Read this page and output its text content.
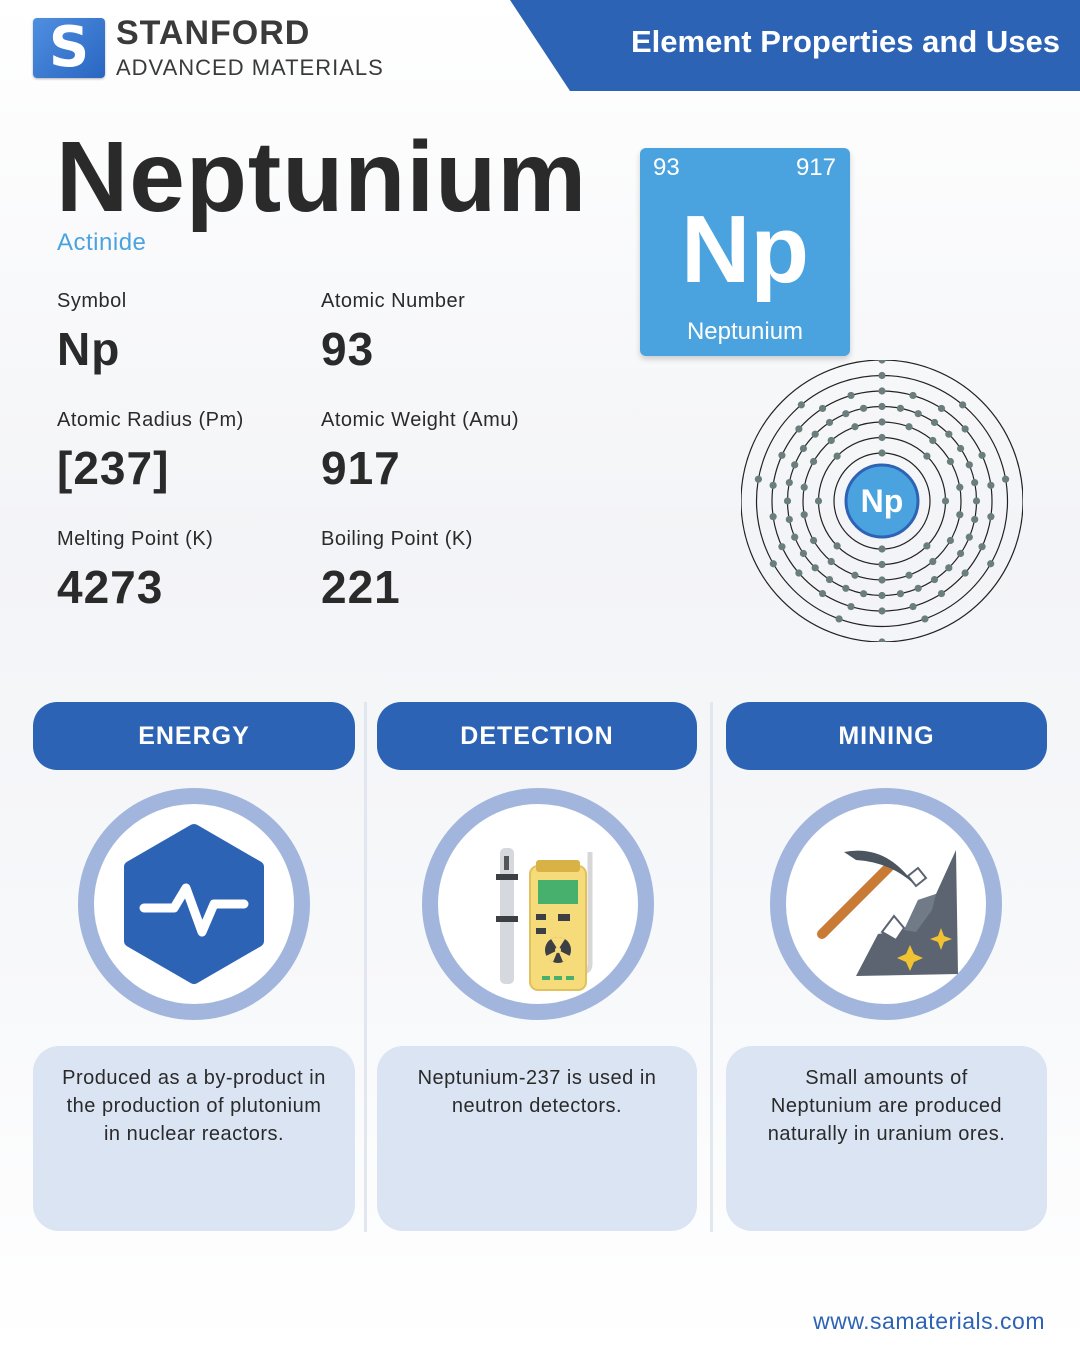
S STANFORD
ADVANCED MATERIALS
Element Properties and Uses
Neptunium
Actinide
Symbol
Np
Atomic Number
93
Atomic Radius (Pm)
[237]
Atomic Weight (Amu)
917
Melting Point (K)
4273
Boiling Point (K)
221
93	917
Np
Neptunium
Np
ENERGY	DETECTION	MINING
Produced as a by-product in the production of plutonium in nuclear reactors.
Neptunium-237 is used in neutron detectors.
Small amounts of Neptunium are produced naturally in uranium ores.
www.samaterials.com
